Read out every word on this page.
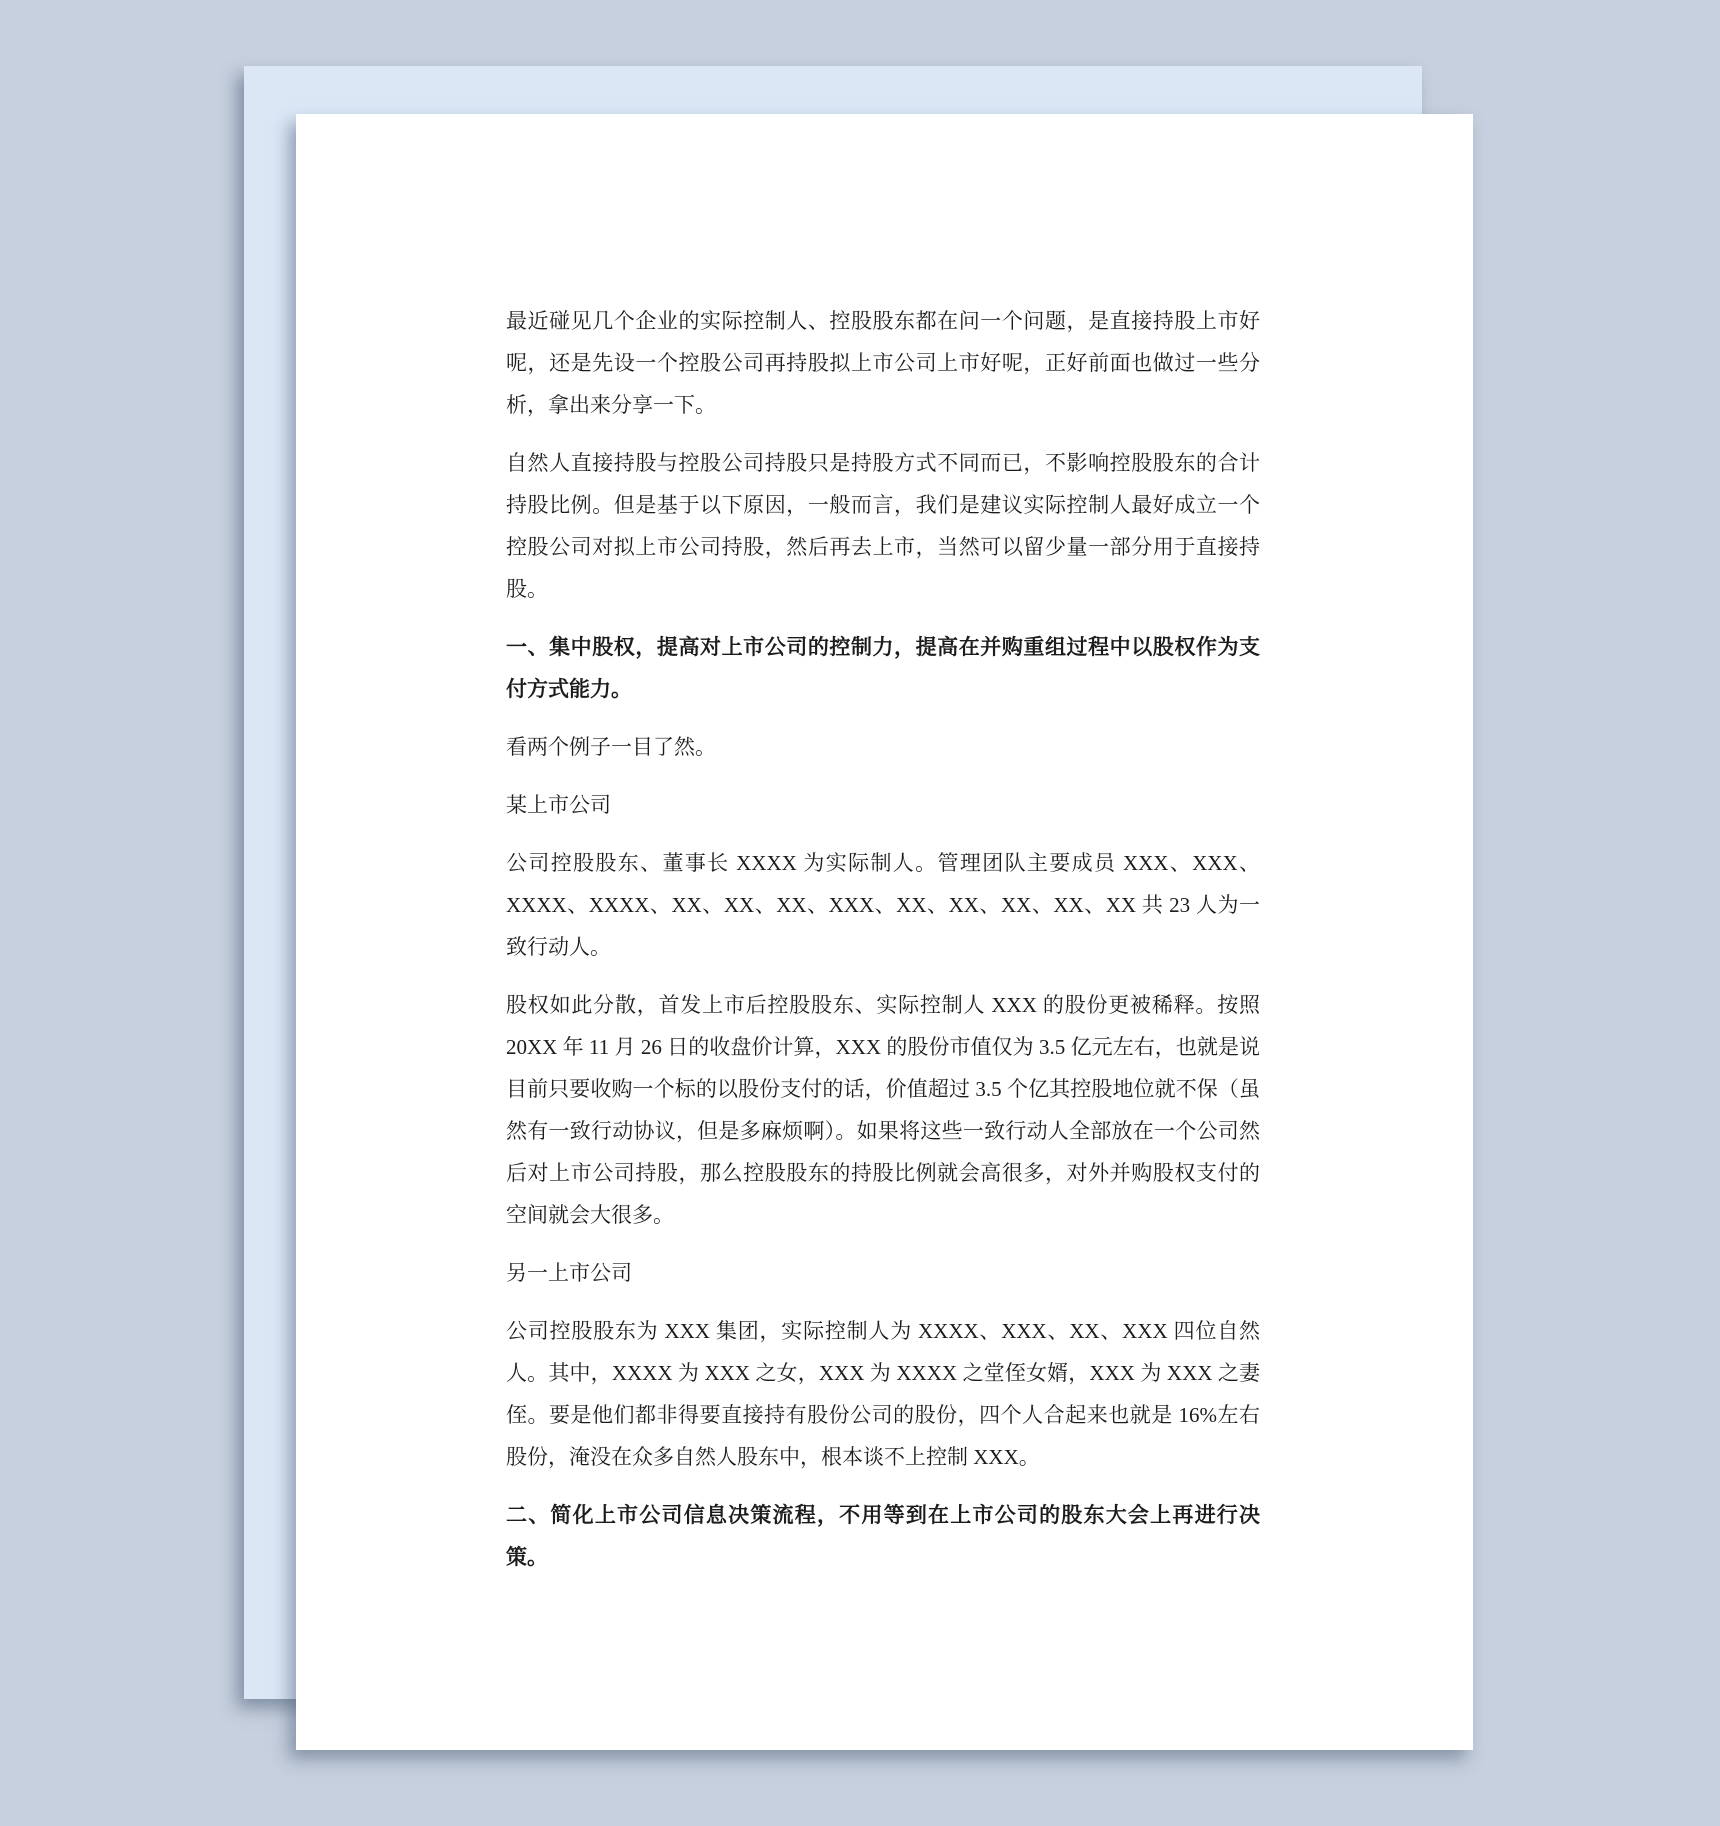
最近碰见几个企业的实际控制人、控股股东都在问一个问题，是直接持股上市好呢，还是先设一个控股公司再持股拟上市公司上市好呢，正好前面也做过一些分析，拿出来分享一下。

自然人直接持股与控股公司持股只是持股方式不同而已，不影响控股股东的合计持股比例。但是基于以下原因，一般而言，我们是建议实际控制人最好成立一个控股公司对拟上市公司持股，然后再去上市，当然可以留少量一部分用于直接持股。

一、集中股权，提高对上市公司的控制力，提高在并购重组过程中以股权作为支付方式能力。

看两个例子一目了然。

某上市公司

公司控股股东、董事长 XXXX 为实际制人。管理团队主要成员 XXX、XXX、XXXX、XXXX、XX、XX、XX、XXX、XX、XX、XX、XX、XX 共 23 人为一致行动人。

股权如此分散，首发上市后控股股东、实际控制人 XXX 的股份更被稀释。按照 20XX 年 11 月 26 日的收盘价计算，XXX 的股份市值仅为 3.5 亿元左右，也就是说目前只要收购一个标的以股份支付的话，价值超过 3.5 个亿其控股地位就不保（虽然有一致行动协议，但是多麻烦啊）。如果将这些一致行动人全部放在一个公司然后对上市公司持股，那么控股股东的持股比例就会高很多，对外并购股权支付的空间就会大很多。

另一上市公司

公司控股股东为 XXX 集团，实际控制人为 XXXX、XXX、XX、XXX 四位自然人。其中，XXXX 为 XXX 之女，XXX 为 XXXX 之堂侄女婿，XXX 为 XXX 之妻侄。要是他们都非得要直接持有股份公司的股份，四个人合起来也就是 16%左右股份，淹没在众多自然人股东中，根本谈不上控制 XXX。

二、简化上市公司信息决策流程，不用等到在上市公司的股东大会上再进行决策。
